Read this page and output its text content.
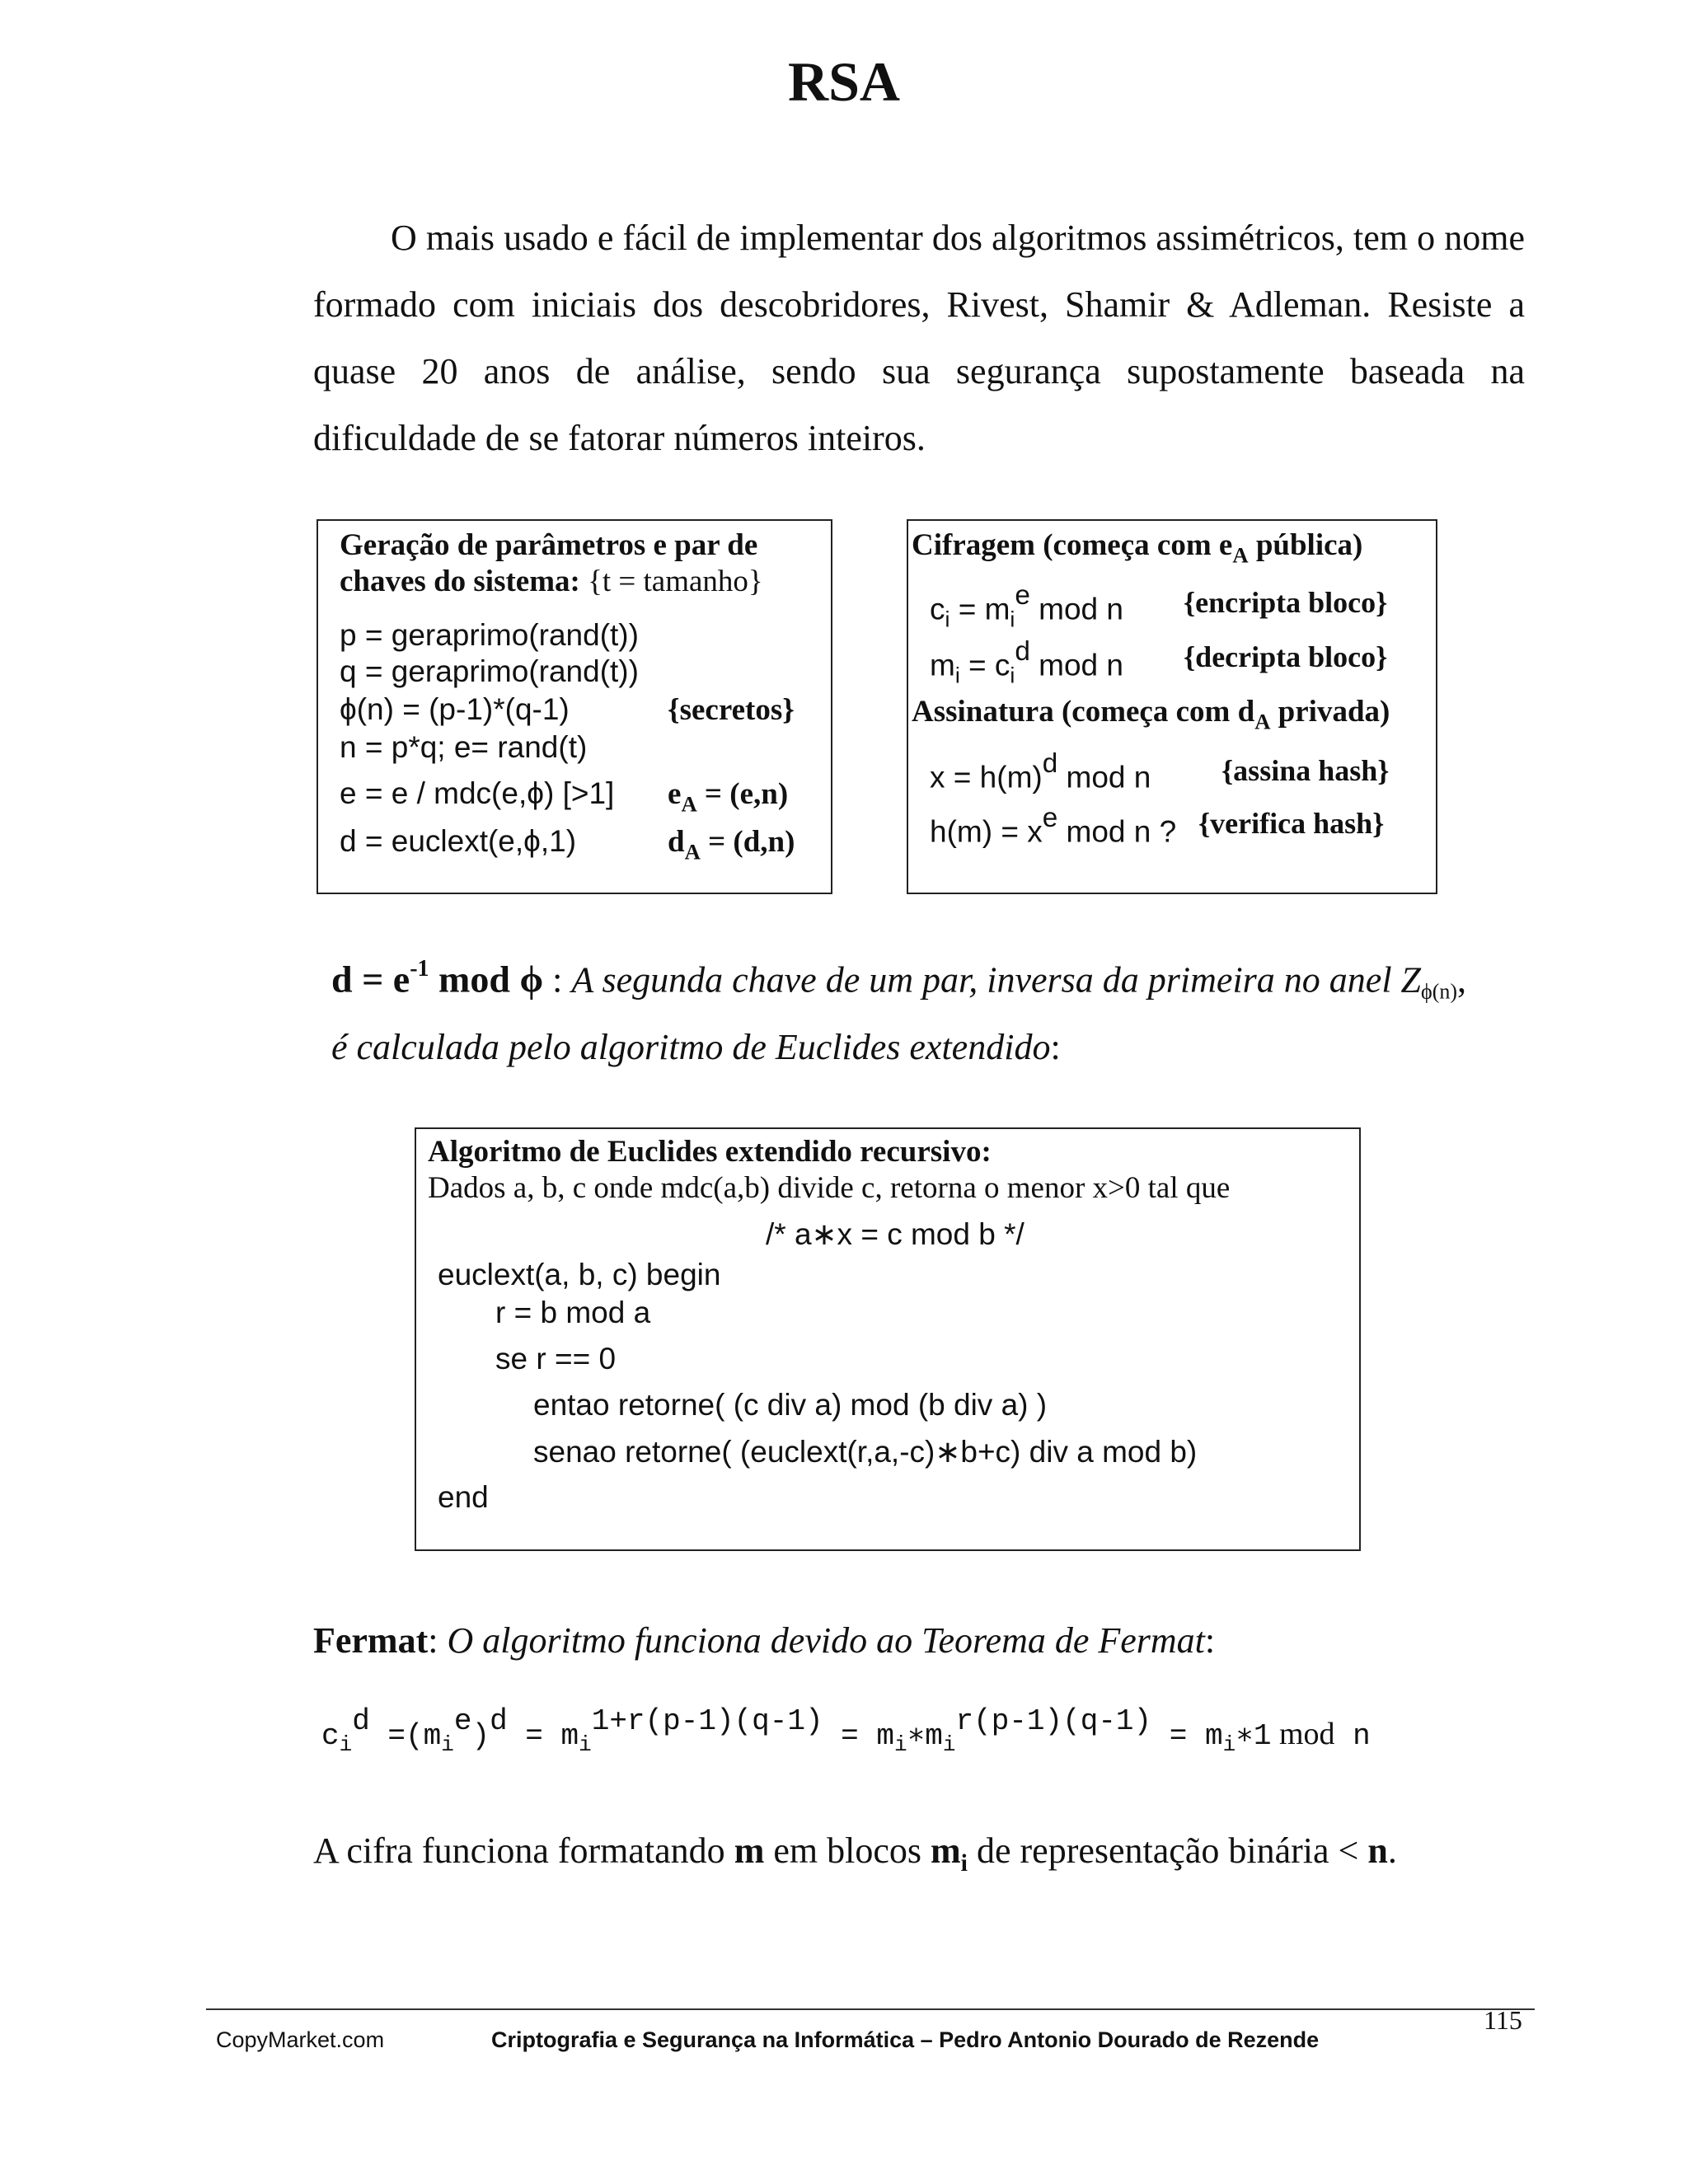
RSA
O mais usado e fácil de implementar dos algoritmos assimétricos, tem o nome formado com iniciais dos descobridores, Rivest, Shamir & Adleman. Resiste a quase 20 anos de análise, sendo sua segurança supostamente baseada na dificuldade de se fatorar números inteiros.
Geração de parâmetros e par de
chaves do sistema: {t = tamanho}
p = geraprimo(rand(t))
q = geraprimo(rand(t))
ϕ(n) = (p-1)*(q-1)	{secretos}
n = p*q; e= rand(t)
e = e / mdc(e,ϕ) [>1] $e_A = (e,n)$
d = euclext(e,ϕ,1)	$d_A = (d,n)$
Cifragem (começa com $e_A$ pública)
$c_i = m_i^e$ mod n {encripta bloco}
$m_i = c_i^d$ mod n {decripta bloco}
Assinatura (começa com $d_A$ privada)
$x = h(m)^d$ mod n {assina hash}
$h(m) = x^e$ mod n ? {verifica hash}
$d = e^{-1}$ mod ϕ : A segunda chave de um par, inversa da primeira no anel $Z_{\phi(n)}$,
é calculada pelo algoritmo de Euclides extendido:
Algoritmo de Euclides extendido recursivo:
Dados a, b, c onde mdc(a,b) divide c, retorna o menor x>0 tal que
/* a∗x = c mod b */
euclext(a, b, c) begin
r = b mod a
se r == 0
entao retorne( (c div a) mod (b div a) )
senao retorne( (euclext(r,a,-c)∗b+c) div a mod b)
end
Fermat: O algoritmo funciona devido ao Teorema de Fermat:
$c_i^d =(m_i^e)^d = m_i^{1+r(p-1)(q-1)}$ = $m_i∗m_i^{r(p-1)(q-1)}$ = $m_i∗1$ mod n
A cifra funciona formatando m em blocos $m_i$ de representação binária < n.
CopyMarket.com	Criptografia e Segurança na Informática – Pedro Antonio Dourado de Rezende
115
